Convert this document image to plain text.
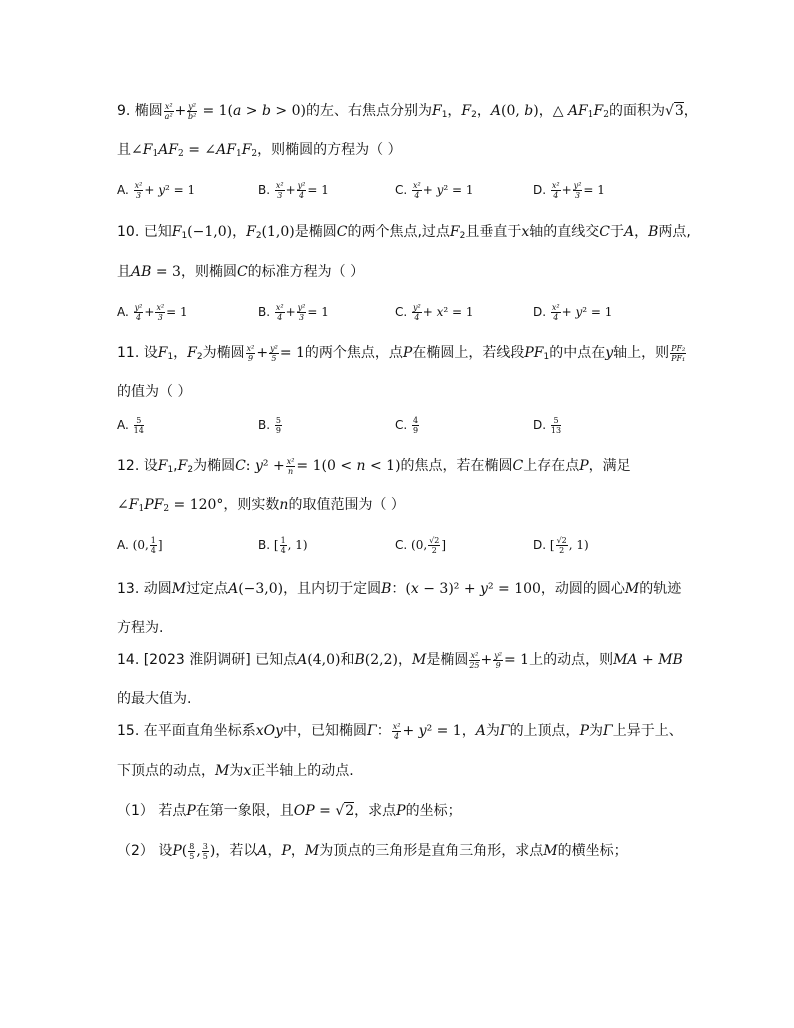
9. 椭圆 $\frac{\text{x²}}{\text{a²}} + \frac{\text{y²}}{\text{b²}} = 1(a > b > 0)$的左、右焦点分别为$F_1$，$F_2$，A(0, b)，△ $AF_1F_2$的面积为√3，
且$\angle F_1AF_2$ = $\angle AF_1F_2$，则椭圆的方程为（ ）
A. $\frac{\text{x²}}{3} + y^2 = 1$	B. $\frac{\text{x²}}{3} + \frac{\text{y²}}{4} = 1$	C. $\frac{\text{x²}}{4} + y^2 = 1$	D. $\frac{\text{x²}}{4} + \frac{\text{y²}}{3} = 1$
10. 已知$F_1(-1,0)$，$F_2(1,0)$是椭圆C的两个焦点,过点$F_2$且垂直于x轴的直线交C于A，B两点,
且AB = 3，则椭圆C的标准方程为（ ）
A. $\frac{\text{y²}}{4} + \frac{\text{x²}}{3} = 1$	B. $\frac{\text{x²}}{4} + \frac{\text{y²}}{3} = 1$	C. $\frac{\text{y²}}{4} + x^2 = 1$	D. $\frac{\text{x²}}{4} + y^2 = 1$
11. 设$F_1$，$F_2$为椭圆 $\frac{\text{x²}}{9} + \frac{\text{y²}}{5} = 1$的两个焦点，点P在椭圆上，若线段$PF_1$的中点在y轴上，则 $\frac{\text{PF₂}}{\text{PF₁}}$
的值为（ ）
A. $\frac{5}{14}$	B. $\frac{5}{9}$	C. $\frac{4}{9}$	D. $\frac{5}{13}$
12. 设$F_1,F_2$为椭圆C: $y^2 + \frac{\text{x²}}{n} = 1(0 < n < 1)$的焦点，若在椭圆C上存在点P，满足
$\angle F_1PF_2 = 120^\circ$，则实数n的取值范围为（ ）
A. (0, $\frac{1}{4}$ ]	B. [ $\frac{1}{4}$ , 1)	C. (0, $\frac{√2}{2}$ ]	D. [ $\frac{√2}{2}$ , 1)
13. 动圆M过定点A(−3,0)，且内切于定圆B：(x − 3)² + y² = 100，动圆的圆心M的轨迹
方程为.
14. [2023 淮阴调研] 已知点A(4,0)和B(2,2)，M是椭圆 $\frac{\text{x²}}{25} + \frac{\text{y²}}{9} = 1$上的动点，则MA + MB
的最大值为.
15. 在平面直角坐标系xOy中，已知椭圆Γ： $\frac{\text{x²}}{4} + y^2 = 1$，A为Γ的上顶点，P为Γ上异于上、
下顶点的动点，M为x正半轴上的动点.
（1） 若点P在第一象限，且OP = √2，求点P的坐标；
（2） 设$P( \frac{8}{5}$ , $\frac{3}{5}$ )，若以A，P，M为顶点的三角形是直角三角形，求点M的横坐标；
